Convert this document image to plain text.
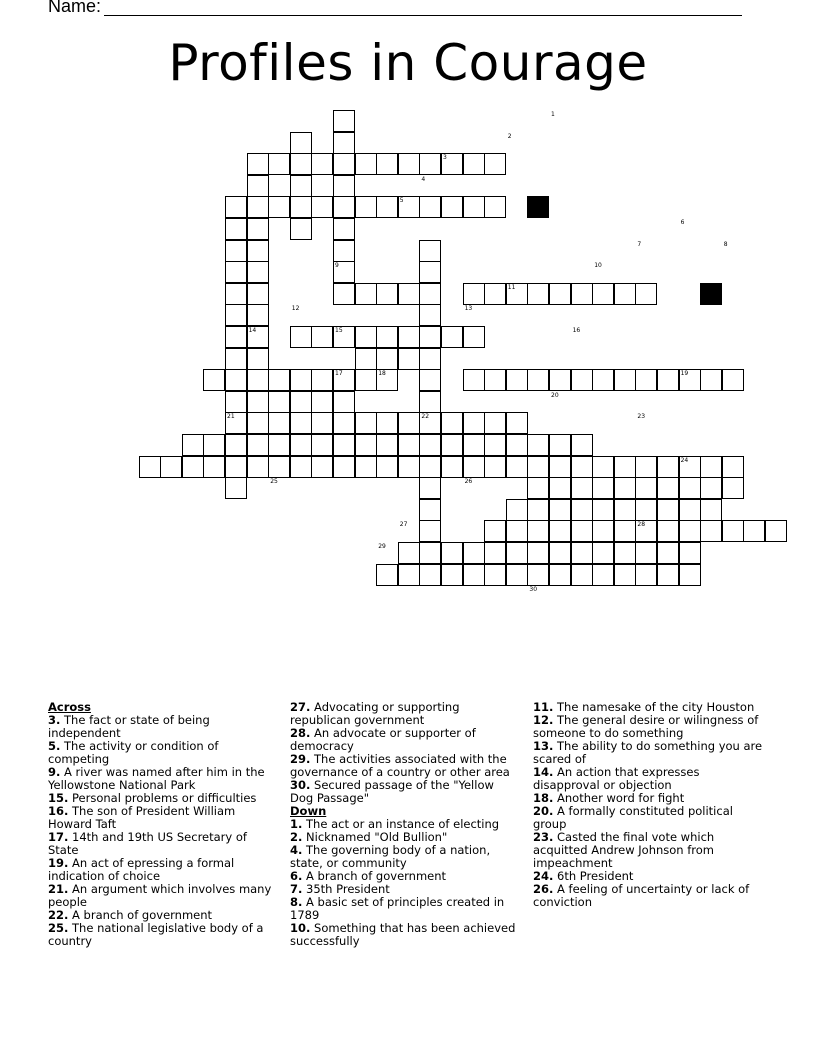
Name:
Profiles in Courage
1
2
3
4
5
6
7	8
9	10
11
12	13
14	15	16
17	18	19
20
21	22	23
24
25	26
27	28
29
30

Across

3. The fact or state of being independent

5. The activity or condition of competing

9. A river was named after him in the Yellowstone National Park

15. Personal problems or difficulties

16. The son of President William Howard Taft

17. 14th and 19th US Secretary of State

19. An act of epressing a formal indication of choice

21. An argument which involves many people

22. A branch of government

25. The national legislative body of a country

27. Advocating or supporting republican government

28. An advocate or supporter of democracy

29. The activities associated with the governance of a country or other area

30. Secured passage of the "Yellow Dog Passage"

Down

1. The act or an instance of electing

2. Nicknamed "Old Bullion"

4. The governing body of a nation, state, or community

6. A branch of government

7. 35th President

8. A basic set of principles created in 1789

10. Something that has been achieved successfully

11. The namesake of the city Houston

12. The general desire or wilingness of someone to do something

13. The ability to do something you are scared of

14. An action that expresses disapproval or objection

18. Another word for fight

20. A formally constituted political group

23. Casted the final vote which acquitted Andrew Johnson from impeachment

24. 6th President

26. A feeling of uncertainty or lack of conviction
